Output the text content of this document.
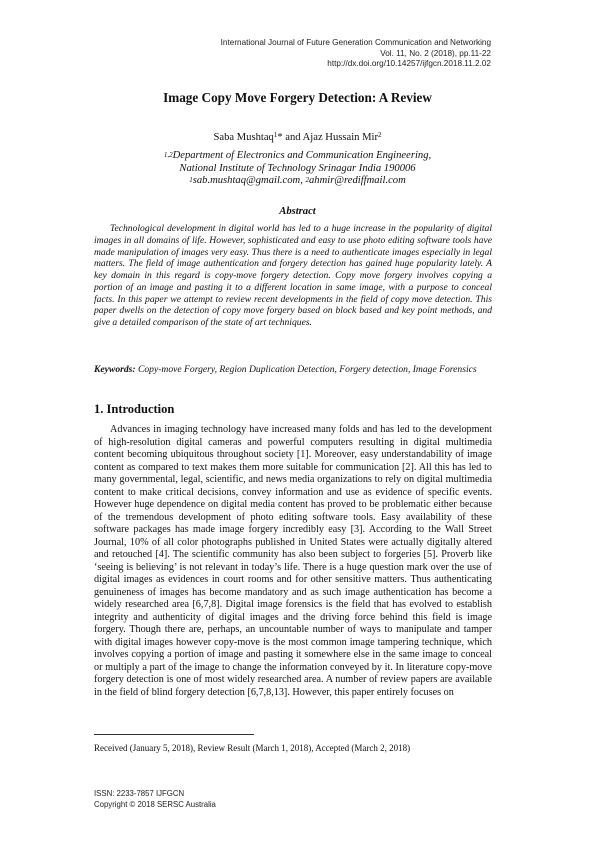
International Journal of Future Generation Communication and Networking
Vol. 11, No. 2 (2018), pp.11-22
http://dx.doi.org/10.14257/ijfgcn.2018.11.2.02
Image Copy Move Forgery Detection: A Review
Saba Mushtaq$^1$* and Ajaz Hussain Mir$^2$
$^{1,2}$Department of Electronics and Communication Engineering,
National Institute of Technology Srinagar India 190006
$^1$sab.mushtaq@gmail.com, $^2$ahmir@rediffmail.com
Abstract

Technological development in digital world has led to a huge increase in the popularity of digital images in all domains of life. However, sophisticated and easy to use photo editing software tools have made manipulation of images very easy. Thus there is a need to authenticate images especially in legal matters. The field of image authentication and forgery detection has gained huge popularity lately. A key domain in this regard is copy-move forgery detection. Copy move forgery involves copying a portion of an image and pasting it to a different location in same image, with a purpose to conceal facts. In this paper we attempt to review recent developments in the field of copy move detection. This paper dwells on the detection of copy move forgery based on block based and key point methods, and give a detailed comparison of the state of art techniques.

Keywords: Copy-move Forgery, Region Duplication Detection, Forgery detection, Image Forensics

1. Introduction

Advances in imaging technology have increased many folds and has led to the development of high-resolution digital cameras and powerful computers resulting in digital multimedia content becoming ubiquitous throughout society [1]. Moreover, easy understandability of image content as compared to text makes them more suitable for communication [2]. All this has led to many governmental, legal, scientific, and news media organizations to rely on digital multimedia content to make critical decisions, convey information and use as evidence of specific events. However huge dependence on digital media content has proved to be problematic either because of the tremendous development of photo editing software tools. Easy availability of these software packages has made image forgery incredibly easy [3]. According to the Wall Street Journal, 10% of all color photographs published in United States were actually digitally altered and retouched [4]. The scientific community has also been subject to forgeries [5]. Proverb like ‘seeing is believing’ is not relevant in today’s life. There is a huge question mark over the use of digital images as evidences in court rooms and for other sensitive matters. Thus authenticating genuineness of images has become mandatory and as such image authentication has become a widely researched area [6,7,8]. Digital image forensics is the field that has evolved to establish integrity and authenticity of digital images and the driving force behind this field is image forgery. Though there are, perhaps, an uncountable number of ways to manipulate and tamper with digital images however copy-move is the most common image tampering technique, which involves copying a portion of image and pasting it somewhere else in the same image to conceal or multiply a part of the image to change the information conveyed by it. In literature copy-move forgery detection is one of most widely researched area. A number of review papers are available in the field of blind forgery detection [6,7,8,13]. However, this paper entirely focuses on

Received (January 5, 2018), Review Result (March 1, 2018), Accepted (March 2, 2018)
ISSN: 2233-7857 IJFGCN
Copyright © 2018 SERSC Australia
